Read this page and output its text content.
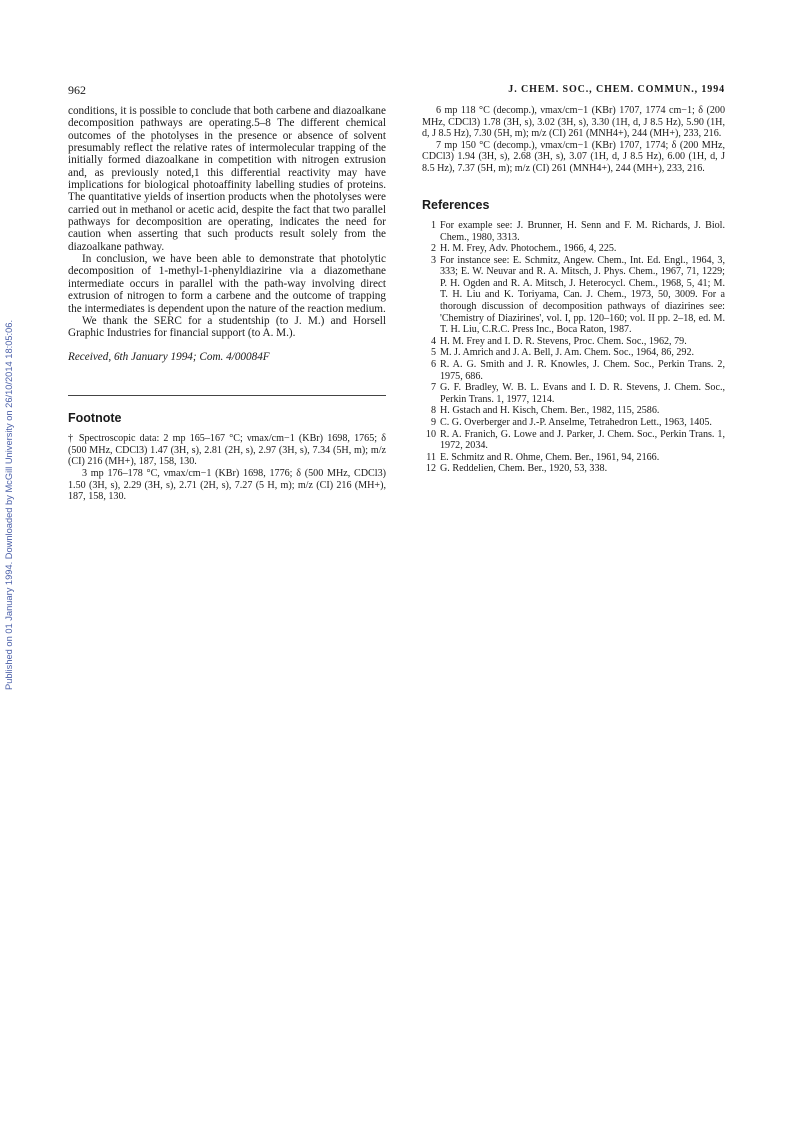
Published on 01 January 1994. Downloaded by McGill University on 26/10/2014 18:05:06.
962	J. CHEM. SOC., CHEM. COMMUN., 1994

conditions, it is possible to conclude that both carbene and diazoalkane decomposition pathways are operating.5–8 The different chemical outcomes of the photolyses in the presence or absence of solvent presumably reflect the relative rates of intermolecular trapping of the initially formed diazoalkane in competition with nitrogen extrusion and, as previously noted,1 this differential reactivity may have implications for biological photoaffinity labelling studies of proteins. The quantitative yields of insertion products when the photolyses were carried out in methanol or acetic acid, despite the fact that two parallel pathways for decomposition are operating, indicates the need for caution when asserting that such products result solely from the diazoalkane pathway.

In conclusion, we have been able to demonstrate that photolytic decomposition of 1-methyl-1-phenyldiazirine via a diazomethane intermediate occurs in parallel with the path-way involving direct extrusion of nitrogen to form a carbene and the outcome of trapping the intermediates is dependent upon the nature of the reaction medium.

We thank the SERC for a studentship (to J. M.) and Horsell Graphic Industries for financial support (to A. M.).

Received, 6th January 1994; Com. 4/00084F

Footnote

† Spectroscopic data: 2 mp 165–167 °C; νmax/cm−1 (KBr) 1698, 1765; δ (500 MHz, CDCl3) 1.47 (3H, s), 2.81 (2H, s), 2.97 (3H, s), 7.34 (5H, m); m/z (CI) 216 (MH+), 187, 158, 130.

3 mp 176–178 °C, νmax/cm−1 (KBr) 1698, 1776; δ (500 MHz, CDCl3) 1.50 (3H, s), 2.29 (3H, s), 2.71 (2H, s), 7.27 (5 H, m); m/z (CI) 216 (MH+), 187, 158, 130.

6 mp 118 °C (decomp.), νmax/cm−1 (KBr) 1707, 1774 cm−1; δ (200 MHz, CDCl3) 1.78 (3H, s), 3.02 (3H, s), 3.30 (1H, d, J 8.5 Hz), 5.90 (1H, d, J 8.5 Hz), 7.30 (5H, m); m/z (CI) 261 (MNH4+), 244 (MH+), 233, 216.

7 mp 150 °C (decomp.), νmax/cm−1 (KBr) 1707, 1774; δ (200 MHz, CDCl3) 1.94 (3H, s), 2.68 (3H, s), 3.07 (1H, d, J 8.5 Hz), 6.00 (1H, d, J 8.5 Hz), 7.37 (5H, m); m/z (CI) 261 (MNH4+), 244 (MH+), 233, 216.

References
1 For example see: J. Brunner, H. Senn and F. M. Richards, J. Biol. Chem., 1980, 3313.
2 H. M. Frey, Adv. Photochem., 1966, 4, 225.
3 For instance see: E. Schmitz, Angew. Chem., Int. Ed. Engl., 1964, 3, 333; E. W. Neuvar and R. A. Mitsch, J. Phys. Chem., 1967, 71, 1229; P. H. Ogden and R. A. Mitsch, J. Heterocycl. Chem., 1968, 5, 41; M. T. H. Liu and K. Toriyama, Can. J. Chem., 1973, 50, 3009. For a thorough discussion of decomposition pathways of diazirines see: 'Chemistry of Diazirines', vol. I, pp. 120–160; vol. II pp. 2–18, ed. M. T. H. Liu, C.R.C. Press Inc., Boca Raton, 1987.
4 H. M. Frey and I. D. R. Stevens, Proc. Chem. Soc., 1962, 79.
5 M. J. Amrich and J. A. Bell, J. Am. Chem. Soc., 1964, 86, 292.
6 R. A. G. Smith and J. R. Knowles, J. Chem. Soc., Perkin Trans. 2, 1975, 686.
7 G. F. Bradley, W. B. L. Evans and I. D. R. Stevens, J. Chem. Soc., Perkin Trans. 1, 1977, 1214.
8 H. Gstach and H. Kisch, Chem. Ber., 1982, 115, 2586.
9 C. G. Overberger and J.-P. Anselme, Tetrahedron Lett., 1963, 1405.
10 R. A. Franich, G. Lowe and J. Parker, J. Chem. Soc., Perkin Trans. 1, 1972, 2034.
11 E. Schmitz and R. Ohme, Chem. Ber., 1961, 94, 2166.
12 G. Reddelien, Chem. Ber., 1920, 53, 338.
